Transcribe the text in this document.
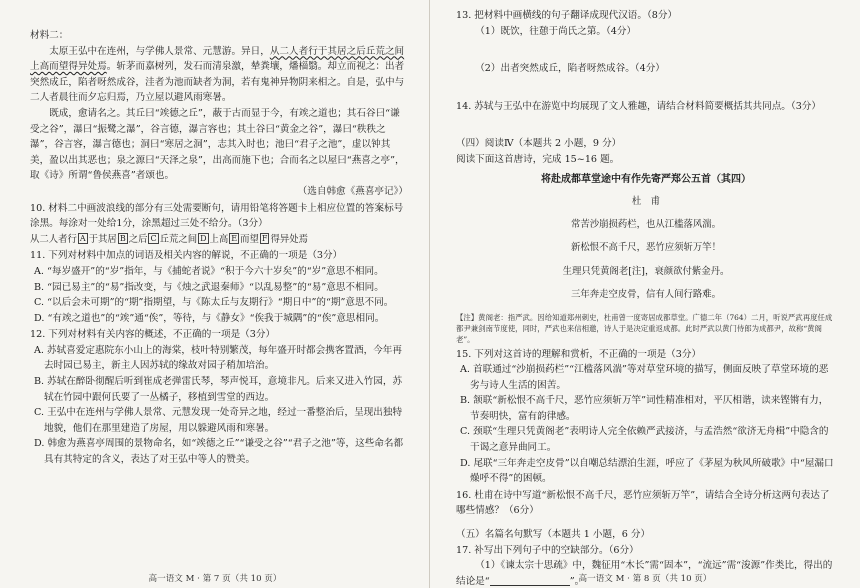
材料二：

太原王弘中在连州，与学佛人景常、元慧游。异日，从二人者行于其居之后丘荒之间上高而望得异处焉。斩茅而嘉树列，发石而清泉激，辇粪壤，燔椔翳。却立而视之：出者突然成丘，陷者呀然成谷，洼者为池而缺者为洞，若有鬼神异物阴来相之。自是，弘中与二人者晨往而夕忘归焉，乃立屋以避风雨寒暑。

既成，愈请名之。其丘曰“竢德之丘”，蔽于古而显于今，有竢之道也；其石谷曰“谦受之谷”，瀑曰“振鹭之瀑”，谷言德，瀑言容也；其土谷曰“黄金之谷”，瀑曰“秩秩之瀑”，谷言容，瀑言德也；洞曰“寒居之洞”，志其入时也；池曰“君子之池”，虚以钟其美，盈以出其恶也；泉之源曰“天泽之泉”，出高而施下也；合而名之以屋曰“燕喜之亭”，取《诗》所谓“鲁侯燕喜”者颂也。

（选自韩愈《燕喜亭记》）

10. 材料二中画波浪线的部分有三处需要断句，请用铅笔将答题卡上相应位置的答案标号涂黑。每涂对一处给1分，涂黑超过三处不给分。（3分）

从二人者行 A 于其居 B 之后 C 丘荒之间 D 上高 E 而望 F 得异处焉

11. 下列对材料中加点的词语及相关内容的解说，不正确的一项是（3分）

A. “每岁盛开”的“岁”指年，与《捕蛇者说》“积于今六十岁矣”的“岁”意思不相同。

B. “园已易主”的“易”指改变，与《烛之武退秦师》“以乱易整”的“易”意思不相同。

C. “以后会未可期”的“期”指期望，与《陈太丘与友期行》“期日中”的“期”意思不同。

D. “有竢之道也”的“竢”通“俟”，等待，与《静女》“俟我于城隅”的“俟”意思相同。

12. 下列对材料有关内容的概述，不正确的一项是（3分）

A. 苏轼喜爱定惠院东小山上的海棠，枝叶特别繁茂，每年盛开时都会携客置酒，今年再去时园已易主，新主人因苏轼的缘故对园子稍加培治。

B. 苏轼在醉卧彻醒后听到崔成老弹雷氏琴，琴声悦耳，意境非凡。后来又进入竹园，苏轼在竹园中跟何氏要了一丛橘子，移植到雪堂的西边。

C. 王弘中在连州与学佛人景常、元慧发现一处奇异之地，经过一番整治后，呈现出独特地貌，他们在那里建造了房屋，用以躲避风雨和寒暑。

D. 韩愈为燕喜亭周围的景物命名，如“竢德之丘”“谦受之谷”“君子之池”等，这些命名都具有其特定的含义，表达了对王弘中等人的赞美。

高一语文 M · 第 7 页（共 10 页）

13. 把材料中画横线的句子翻译成现代汉语。（8分）

（1）既饮，往憩于尚氏之第。（4分）

（2）出者突然成丘，陷者呀然成谷。（4分）

14. 苏轼与王弘中在游览中均展现了文人雅趣，请结合材料简要概括其共同点。（3分）

（四）阅读Ⅳ（本题共 2 小题，9 分）

阅读下面这首唐诗，完成 15~16 题。

将赴成都草堂途中有作先寄严郑公五首（其四）

杜　甫

常苦沙崩损药栏，也从江槛落风湍。

新松恨不高千尺，恶竹应须斩万竿！

生理只凭黄阁老[注]，衰颜欲付紫金丹。

三年奔走空皮骨，信有人间行路难。

【注】黄阁老：指严武。因给知道郑州刺史，杜甫曾一度寄居成都草堂。广德二年（764）二月，听说严武再度任成都尹兼剑南节度使，同时，严武也来信相邀，诗人于是决定重返成都。此时严武以黄门侍郎为成都尹，故称“黄阁老”。

15. 下列对这首诗的理解和赏析，不正确的一项是（3分）

A. 首联通过“沙崩损药栏”“江槛落风湍”等对草堂环境的描写，侧面反映了草堂环境的恶劣与诗人生活的困苦。

B. 颔联“新松恨不高千尺，恶竹应须斩万竿”词性精准相对，平仄相谐，读来铿锵有力，节奏明快，富有韵律感。

C. 颈联“生理只凭黄阁老”表明诗人完全依赖严武接济，与孟浩然“欲济无舟楫”中隐含的干谒之意异曲同工。

D. 尾联“三年奔走空皮骨”以自嘲总结漂泊生涯，呼应了《茅屋为秋风所破歌》中“屋漏口燥呼不得”的困顿。

16. 杜甫在诗中写道“新松恨不高千尺，恶竹应须斩万竿”，请结合全诗分析这两句表达了哪些情感？（6分）

（五）名篇名句默写（本题共 1 小题，6 分）

17. 补写出下列句子中的空缺部分。（6分）

（1）《谏太宗十思疏》中，魏征用“木长”需“固本”，“流远”需“浚源”作类比，得出的结论是“	”。

高一语文 M · 第 8 页（共 10 页）
